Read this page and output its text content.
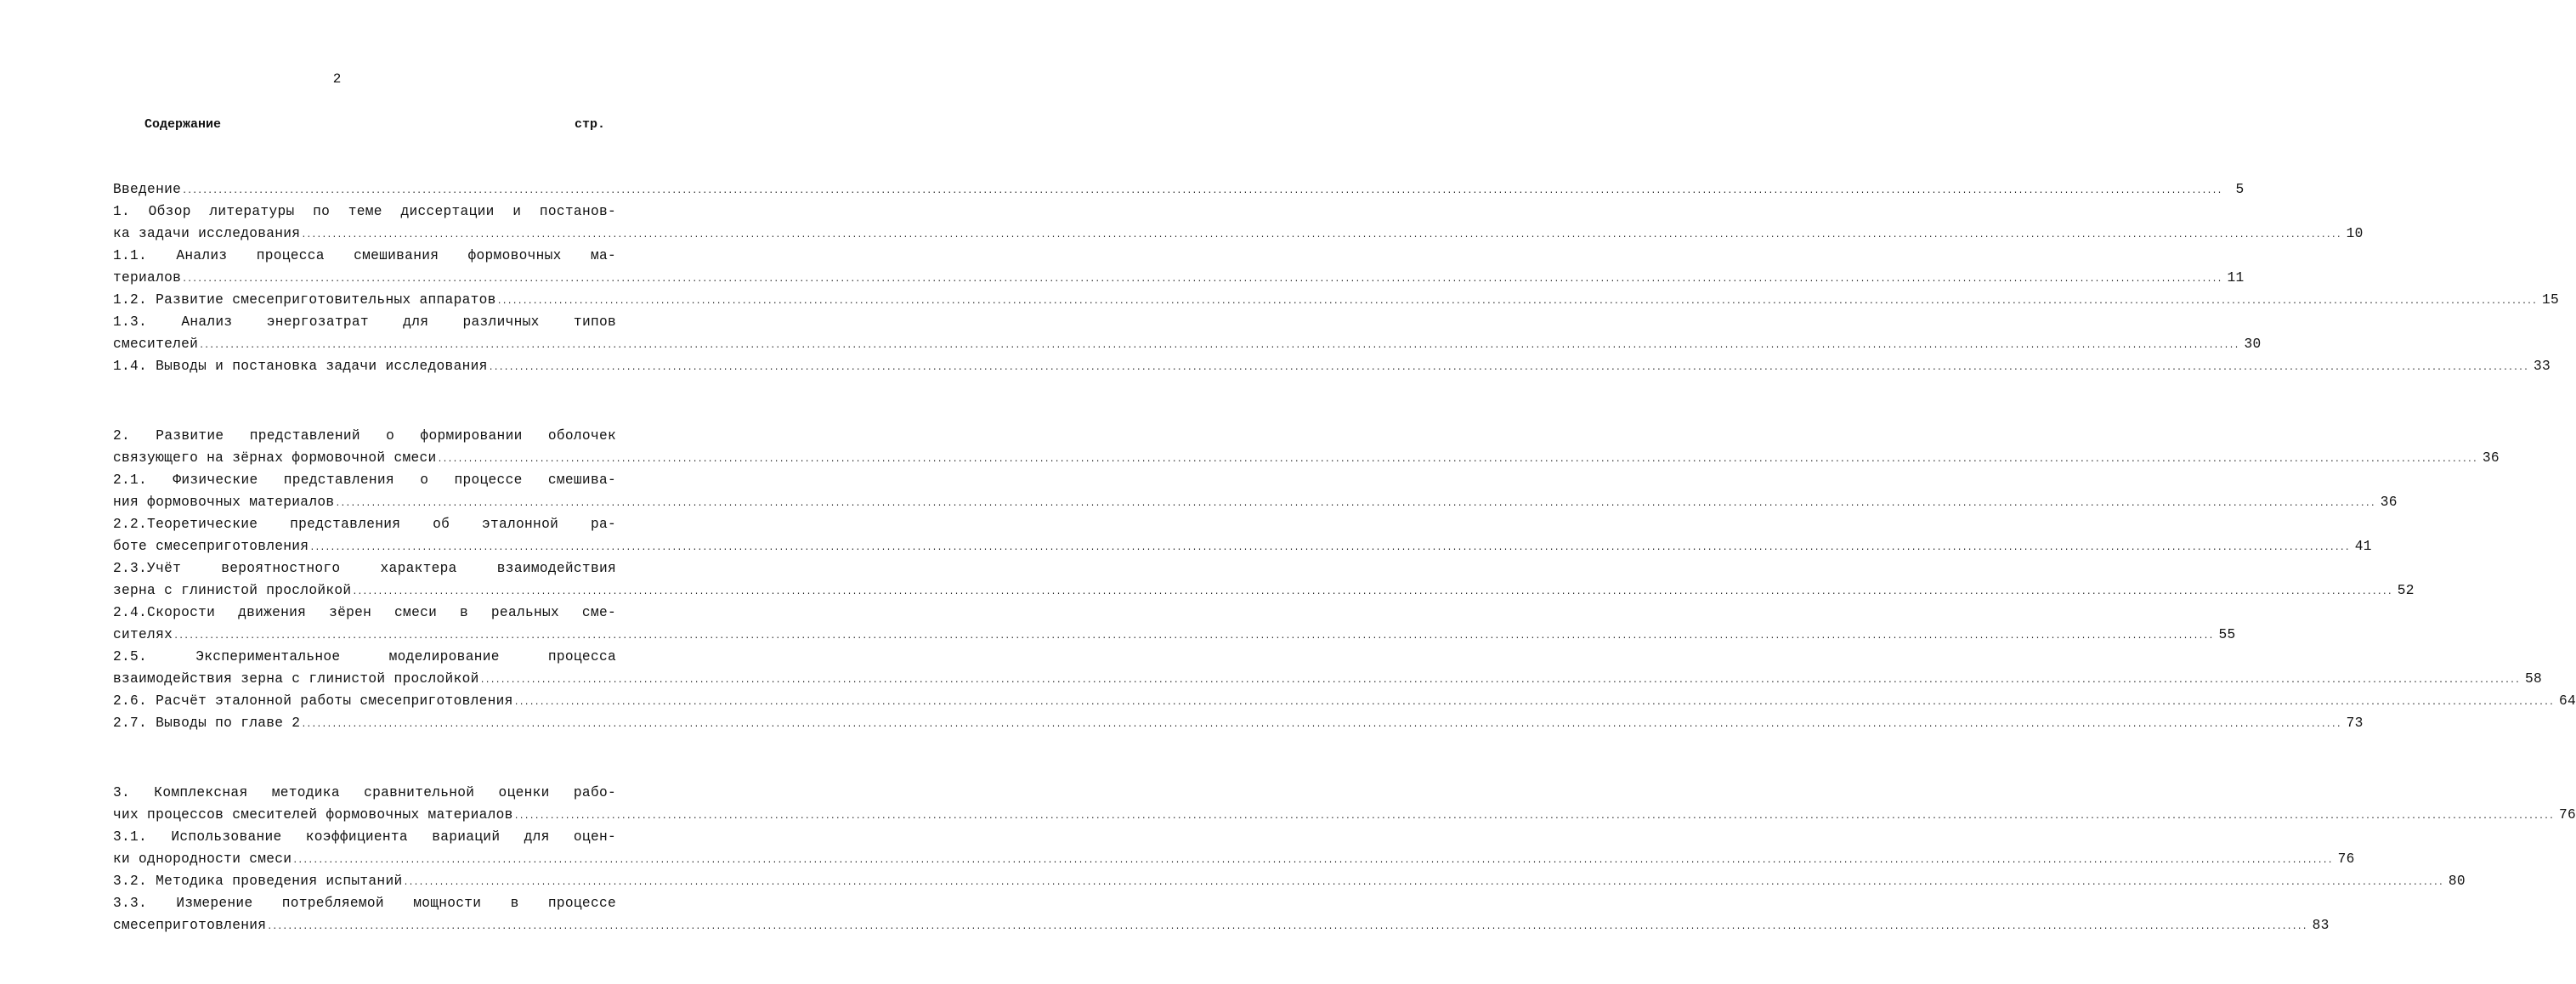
2
Содержание	стр.
Введение ................................................................................................................................................................................................................................................................................................................................................................................................................ 5
1. Обзор литературы по теме диссертации и постанов-
ка задачи исследования ................................................................................................................................................................................................................................................................................................................................................................................................................ 10
1.1. Анализ процесса смешивания формовочных ма-
териалов ................................................................................................................................................................................................................................................................................................................................................................................................................ 11
1.2. Развитие смесеприготовительных аппаратов ................................................................................................................................................................................................................................................................................................................................................................................................................ 15
1.3. Анализ энергозатрат для различных типов
смесителей ................................................................................................................................................................................................................................................................................................................................................................................................................ 30
1.4. Выводы и постановка задачи исследования ................................................................................................................................................................................................................................................................................................................................................................................................................ 33
2. Развитие представлений о формировании оболочек
связующего на зёрнах формовочной смеси ................................................................................................................................................................................................................................................................................................................................................................................................................ 36
2.1. Физические представления о процессе смешива-
ния формовочных материалов ................................................................................................................................................................................................................................................................................................................................................................................................................ 36
2.2.Теоретические представления об эталонной ра-
боте смесеприготовления ................................................................................................................................................................................................................................................................................................................................................................................................................ 41
2.3.Учёт вероятностного характера взаимодействия
зерна с глинистой прослойкой ................................................................................................................................................................................................................................................................................................................................................................................................................ 52
2.4.Скорости движения зёрен смеси в реальных сме-
сителях ................................................................................................................................................................................................................................................................................................................................................................................................................ 55
2.5. Экспериментальное моделирование процесса
взаимодействия зерна с глинистой прослойкой ................................................................................................................................................................................................................................................................................................................................................................................................................ 58
2.6. Расчёт эталонной работы смесеприготовления ................................................................................................................................................................................................................................................................................................................................................................................................................ 64
2.7. Выводы по главе 2 ................................................................................................................................................................................................................................................................................................................................................................................................................ 73
3. Комплексная методика сравнительной оценки рабо-
чих процессов смесителей формовочных материалов ................................................................................................................................................................................................................................................................................................................................................................................................................ 76
3.1. Использование коэффициента вариаций для оцен-
ки однородности смеси ................................................................................................................................................................................................................................................................................................................................................................................................................ 76
3.2. Методика проведения испытаний ................................................................................................................................................................................................................................................................................................................................................................................................................ 80
3.3. Измерение потребляемой мощности в процессе
смесеприготовления ................................................................................................................................................................................................................................................................................................................................................................................................................ 83
